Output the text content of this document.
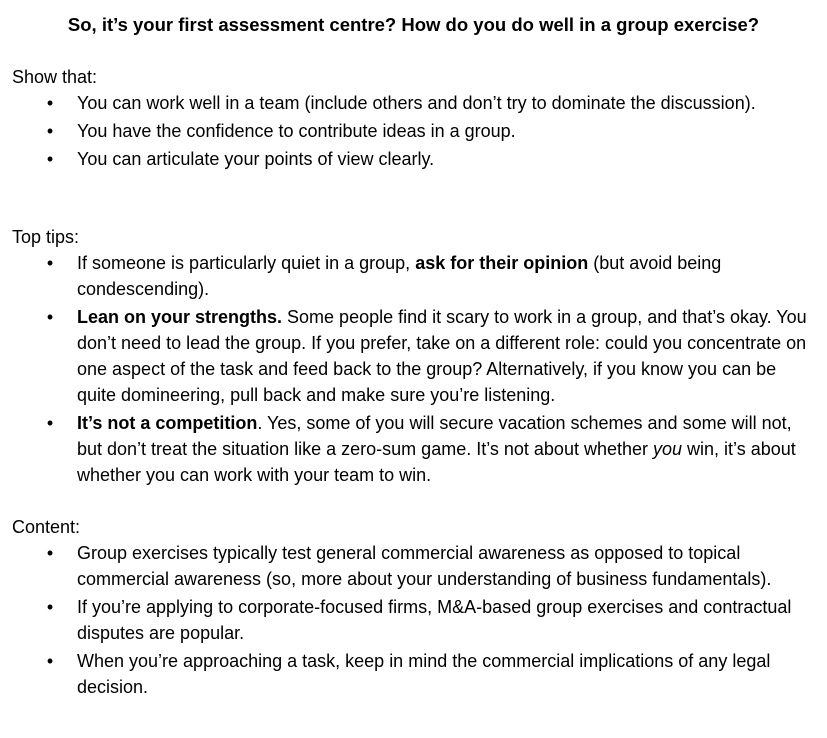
So, it’s your first assessment centre? How do you do well in a group exercise?

Show that:

• You can work well in a team (include others and don’t try to dominate the discussion).
• You have the confidence to contribute ideas in a group.
• You can articulate your points of view clearly.

Top tips:

• If someone is particularly quiet in a group, ask for their opinion (but avoid being condescending).
• Lean on your strengths. Some people find it scary to work in a group, and that’s okay. You don’t need to lead the group. If you prefer, take on a different role: could you concentrate on one aspect of the task and feed back to the group? Alternatively, if you know you can be quite domineering, pull back and make sure you’re listening.
• It’s not a competition. Yes, some of you will secure vacation schemes and some will not, but don’t treat the situation like a zero-sum game. It’s not about whether you win, it’s about whether you can work with your team to win.

Content:

• Group exercises typically test general commercial awareness as opposed to topical commercial awareness (so, more about your understanding of business fundamentals).
• If you’re applying to corporate-focused firms, M&A-based group exercises and contractual disputes are popular.
• When you’re approaching a task, keep in mind the commercial implications of any legal decision.
